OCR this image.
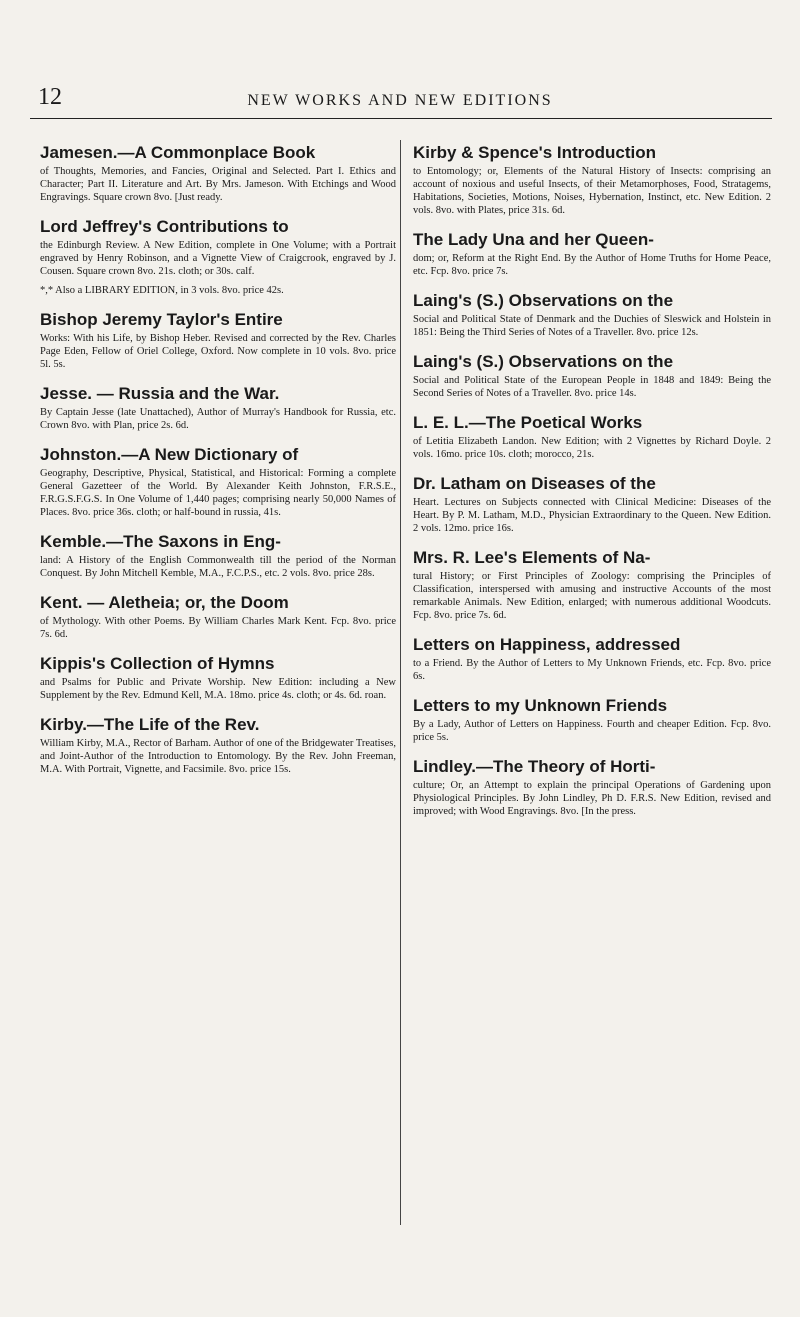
12	NEW WORKS AND NEW EDITIONS
Jamesen.—A Commonplace Book

of Thoughts, Memories, and Fancies, Original and Selected. Part I. Ethics and Character; Part II. Literature and Art. By Mrs. Jameson. With Etchings and Wood Engravings. Square crown 8vo. [Just ready.

Lord Jeffrey's Contributions to

the Edinburgh Review. A New Edition, complete in One Volume; with a Portrait engraved by Henry Robinson, and a Vignette View of Craigcrook, engraved by J. Cousen. Square crown 8vo. 21s. cloth; or 30s. calf.

*,* Also a LIBRARY EDITION, in 3 vols. 8vo. price 42s.

Bishop Jeremy Taylor's Entire

Works: With his Life, by Bishop Heber. Revised and corrected by the Rev. Charles Page Eden, Fellow of Oriel College, Oxford. Now complete in 10 vols. 8vo. price 5l. 5s.

Jesse. — Russia and the War.

By Captain Jesse (late Unattached), Author of Murray's Handbook for Russia, etc. Crown 8vo. with Plan, price 2s. 6d.

Johnston.—A New Dictionary of

Geography, Descriptive, Physical, Statistical, and Historical: Forming a complete General Gazetteer of the World. By Alexander Keith Johnston, F.R.S.E., F.R.G.S.F.G.S. In One Volume of 1,440 pages; comprising nearly 50,000 Names of Places. 8vo. price 36s. cloth; or half-bound in russia, 41s.

Kemble.—The Saxons in Eng-

land: A History of the English Commonwealth till the period of the Norman Conquest. By John Mitchell Kemble, M.A., F.C.P.S., etc. 2 vols. 8vo. price 28s.

Kent. — Aletheia; or, the Doom

of Mythology. With other Poems. By William Charles Mark Kent. Fcp. 8vo. price 7s. 6d.

Kippis's Collection of Hymns

and Psalms for Public and Private Worship. New Edition: including a New Supplement by the Rev. Edmund Kell, M.A. 18mo. price 4s. cloth; or 4s. 6d. roan.

Kirby.—The Life of the Rev.

William Kirby, M.A., Rector of Barham. Author of one of the Bridgewater Treatises, and Joint-Author of the Introduction to Entomology. By the Rev. John Freeman, M.A. With Portrait, Vignette, and Facsimile. 8vo. price 15s.

Kirby & Spence's Introduction

to Entomology; or, Elements of the Natural History of Insects: comprising an account of noxious and useful Insects, of their Metamorphoses, Food, Stratagems, Habitations, Societies, Motions, Noises, Hybernation, Instinct, etc. New Edition. 2 vols. 8vo. with Plates, price 31s. 6d.

The Lady Una and her Queen-

dom; or, Reform at the Right End. By the Author of Home Truths for Home Peace, etc. Fcp. 8vo. price 7s.

Laing's (S.) Observations on the

Social and Political State of Denmark and the Duchies of Sleswick and Holstein in 1851: Being the Third Series of Notes of a Traveller. 8vo. price 12s.

Laing's (S.) Observations on the

Social and Political State of the European People in 1848 and 1849: Being the Second Series of Notes of a Traveller. 8vo. price 14s.

L. E. L.—The Poetical Works

of Letitia Elizabeth Landon. New Edition; with 2 Vignettes by Richard Doyle. 2 vols. 16mo. price 10s. cloth; morocco, 21s.

Dr. Latham on Diseases of the

Heart. Lectures on Subjects connected with Clinical Medicine: Diseases of the Heart. By P. M. Latham, M.D., Physician Extraordinary to the Queen. New Edition. 2 vols. 12mo. price 16s.

Mrs. R. Lee's Elements of Na-

tural History; or First Principles of Zoology: comprising the Principles of Classification, interspersed with amusing and instructive Accounts of the most remarkable Animals. New Edition, enlarged; with numerous additional Woodcuts. Fcp. 8vo. price 7s. 6d.

Letters on Happiness, addressed

to a Friend. By the Author of Letters to My Unknown Friends, etc. Fcp. 8vo. price 6s.

Letters to my Unknown Friends

By a Lady, Author of Letters on Happiness. Fourth and cheaper Edition. Fcp. 8vo. price 5s.

Lindley.—The Theory of Horti-

culture; Or, an Attempt to explain the principal Operations of Gardening upon Physiological Principles. By John Lindley, Ph D. F.R.S. New Edition, revised and improved; with Wood Engravings. 8vo. [In the press.
